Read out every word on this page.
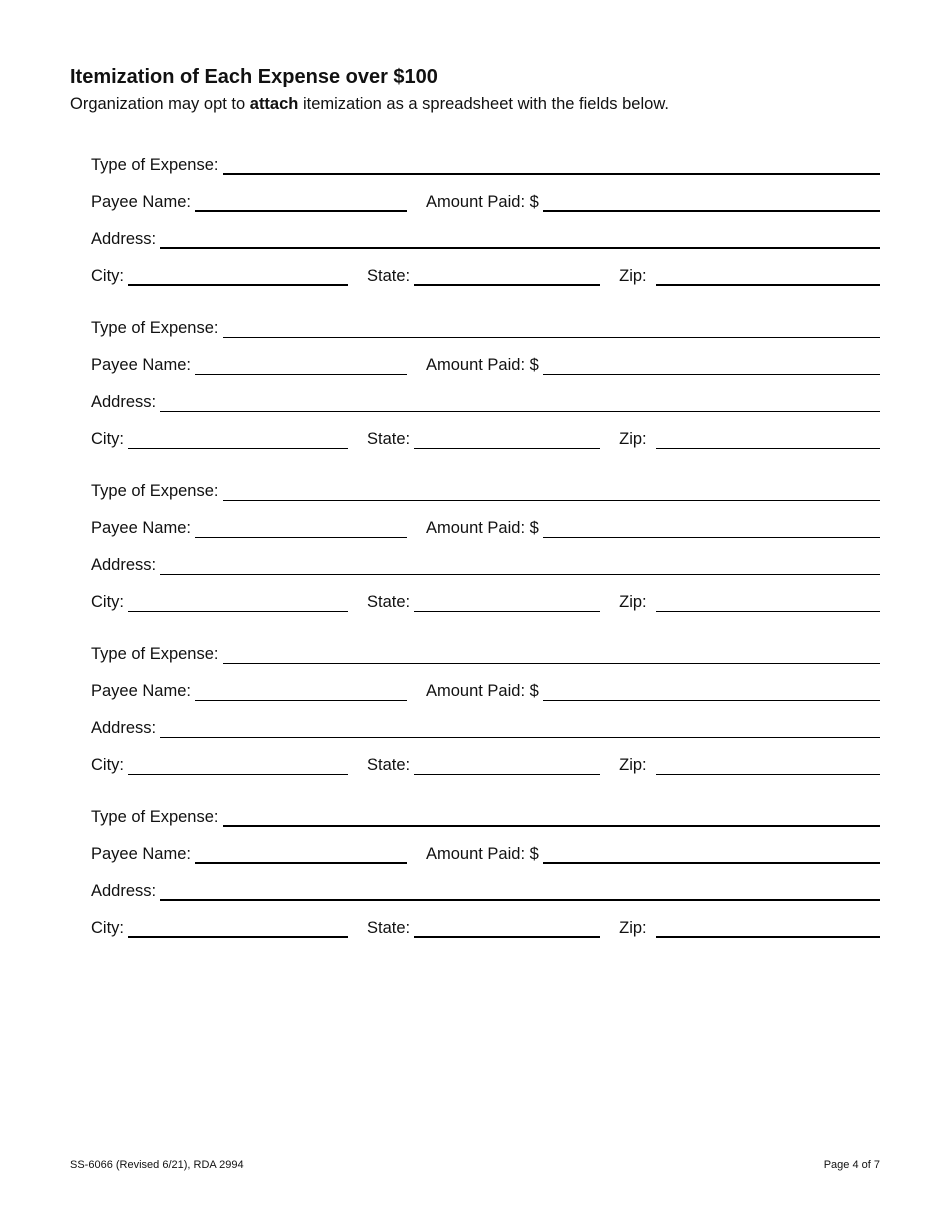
Itemization of Each Expense over $100

Organization may opt to attach itemization as a spreadsheet with the fields below.

Type of Expense:
Payee Name:	Amount Paid: $
Address:
City:	State:	Zip:
Type of Expense:
Payee Name:	Amount Paid: $
Address:
City:	State:	Zip:
Type of Expense:
Payee Name:	Amount Paid: $
Address:
City:	State:	Zip:
Type of Expense:
Payee Name:	Amount Paid: $
Address:
City:	State:	Zip:
Type of Expense:
Payee Name:	Amount Paid: $
Address:
City:	State:	Zip:
SS-6066 (Revised 6/21), RDA 2994	Page 4 of 7
